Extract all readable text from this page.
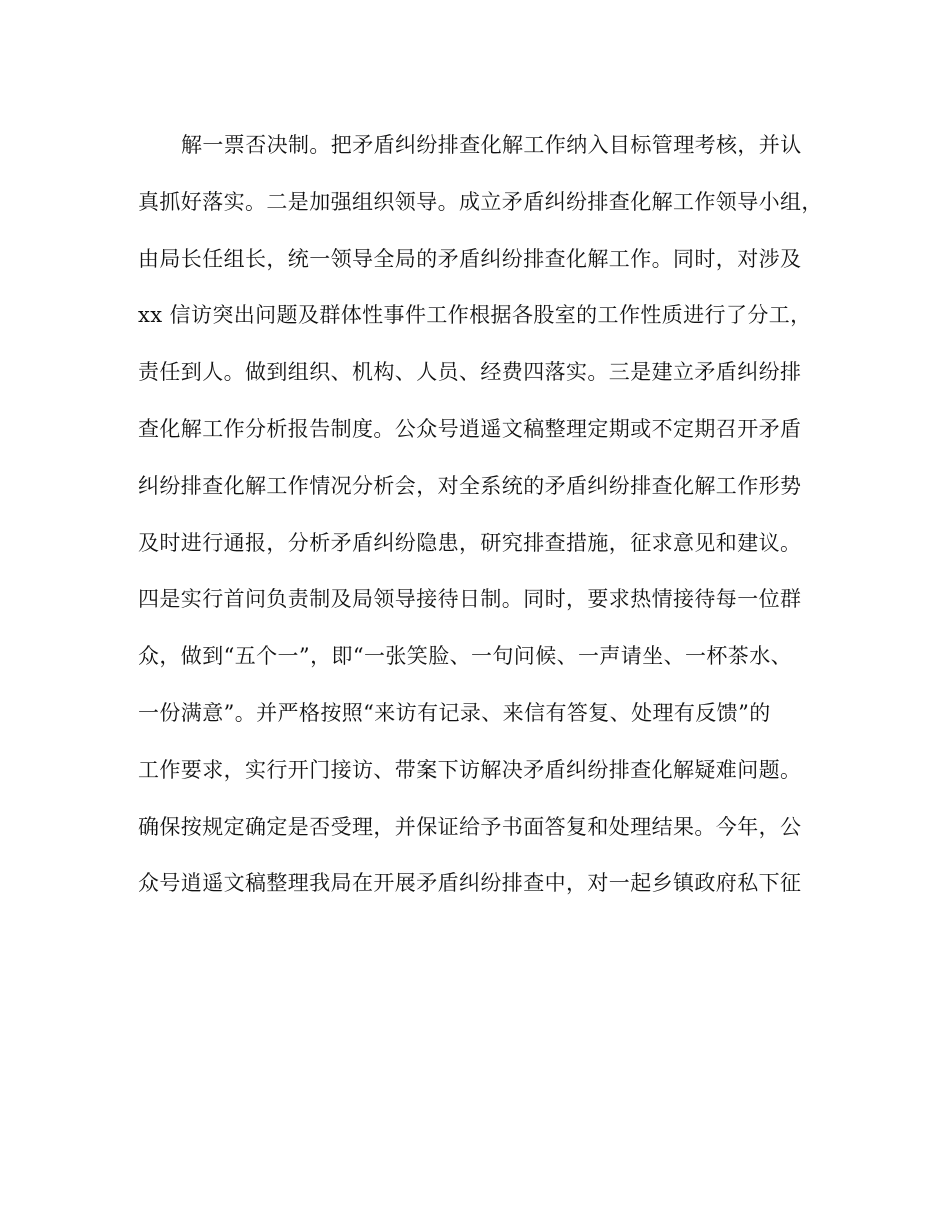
解一票否决制。把矛盾纠纷排查化解工作纳入目标管理考核，并认
真抓好落实。二是加强组织领导。成立矛盾纠纷排查化解工作领导小组，
由局长任组长，统一领导全局的矛盾纠纷排查化解工作。同时，对涉及
xx 信访突出问题及群体性事件工作根据各股室的工作性质进行了分工，
责任到人。做到组织、机构、人员、经费四落实。三是建立矛盾纠纷排
查化解工作分析报告制度。公众号逍遥文稿整理定期或不定期召开矛盾
纠纷排查化解工作情况分析会，对全系统的矛盾纠纷排查化解工作形势
及时进行通报，分析矛盾纠纷隐患，研究排查措施，征求意见和建议。
四是实行首问负责制及局领导接待日制。同时，要求热情接待每一位群
众，做到“五个一”，即“一张笑脸、一句问候、一声请坐、一杯茶水、
一份满意”。并严格按照“来访有记录、来信有答复、处理有反馈”的
工作要求，实行开门接访、带案下访解决矛盾纠纷排查化解疑难问题。
确保按规定确定是否受理，并保证给予书面答复和处理结果。今年，公
众号逍遥文稿整理我局在开展矛盾纠纷排查中，对一起乡镇政府私下征
